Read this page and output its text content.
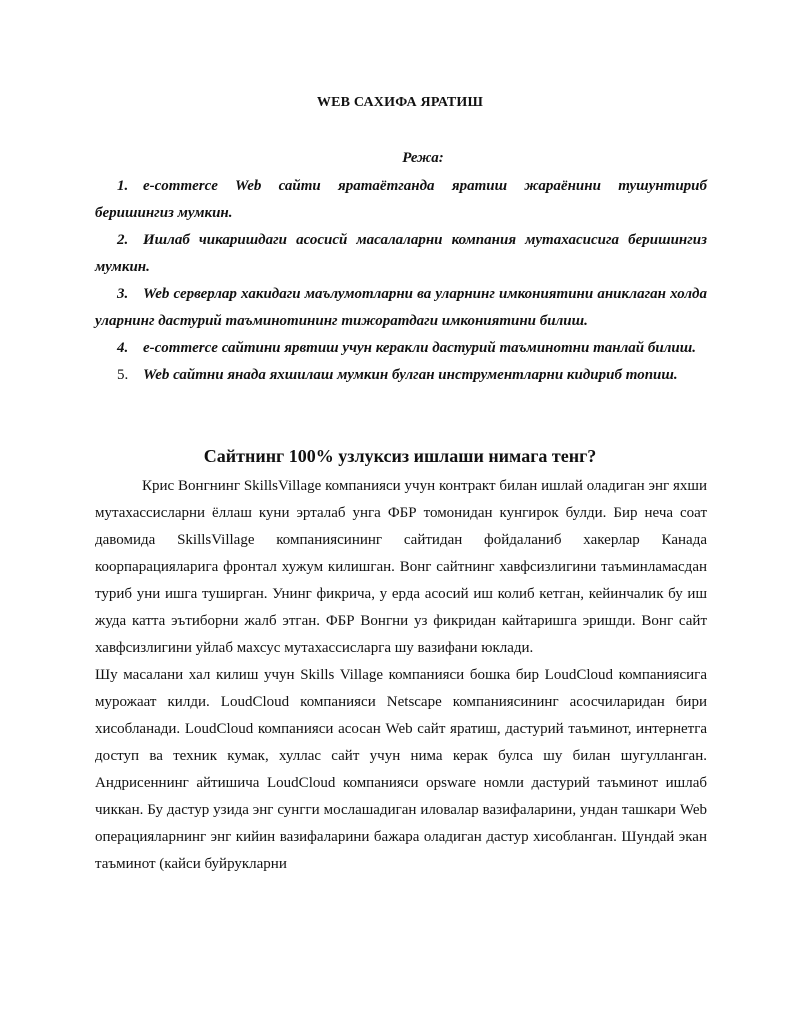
WEB САХИФА ЯРАТИШ
Режа:
1. e-commerce Web сайти яратаётганда яратиш жараёнини тушунтириб беришингиз мумкин.
2. Ишлаб чикаришдаги асосисй масалаларни компания мутахасисига беришингиз мумкин.
3. Web серверлар хакидаги маълумотларни ва уларнинг имкониятини аниклаган холда уларнинг дастурий таъминотининг тижоратдаги имкониятини билиш.
4. e-commerce сайтини ярвтиш учун керакли дастурий таъминотни танлай билиш.
5. Web сайтни янада яхшилаш мумкин булган инструментларни кидириб топиш.
Сайтнинг 100% узлуксиз ишлаши нимага тенг?

Крис Вонгнинг SkillsVillage компанияси учун контракт билан ишлай оладиган энг яхши мутахассисларни ёллаш куни эрталаб унга ФБР томонидан кунгирок булди. Бир неча соат давомида SkillsVillage компаниясининг сайтидан фойдаланиб хакерлар Канада коорпарацияларига фронтал хужум килишган. Вонг сайтнинг хавфсизлигини таъминламасдан туриб уни ишга туширган. Унинг фикрича, у ерда асосий иш колиб кетган, кейинчалик бу иш жуда катта эътиборни жалб этган. ФБР Вонгни уз фикридан кайтаришга эришди. Вонг сайт хавфсизлигини уйлаб махсус мутахассисларга шу вазифани юклади.

Шу масалани хал килиш учун Skills Village компанияси бошка бир LoudCloud компаниясига мурожаат килди. LoudCloud компанияси Netscape компаниясининг асосчиларидан бири хисобланади. LoudCloud компанияси асосан Web сайт яратиш, дастурий таъминот, интернетга доступ ва техник кумак, хуллас сайт учун нима керак булса шу билан шугулланган. Андрисеннинг айтишича LoudCloud компанияси opsware номли дастурий таъминот ишлаб чиккан. Бу дастур узида энг сунгги мослашадиган иловалар вазифаларини, ундан ташкари Web операцияларнинг энг кийин вазифаларини бажара оладиган дастур хисобланган. Шундай экан таъминот (кайси буйрукларни
